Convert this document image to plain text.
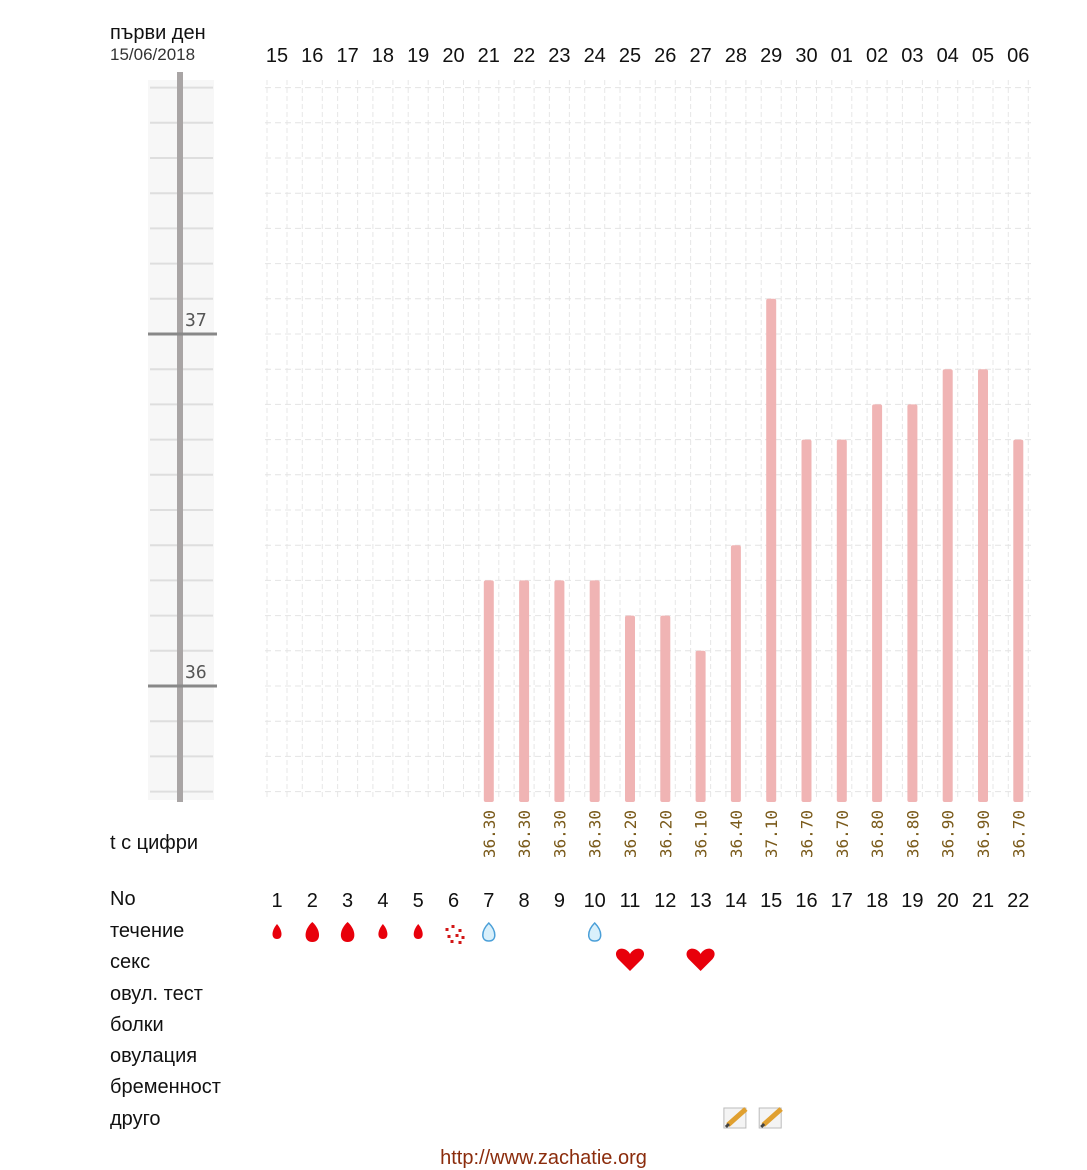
първи ден
15/06/2018
36
37
15 16 17 18 19 20 21 22 23 24 25 26 27 28 29 30 01 02 03 04 05 06
36.30 36.30 36.30 36.30 36.20 36.20 36.10 36.40 37.10 36.70 36.70 36.80 36.80 36.90 36.90 36.70
1 2 3 4 5 6 7 8 9 10 11 12 13 14 15 16 17 18 19 20 21 22
t с цифри
No
течение
секс
овул. тест
болки
овулация
бременност
друго
http://www.zachatie.org
